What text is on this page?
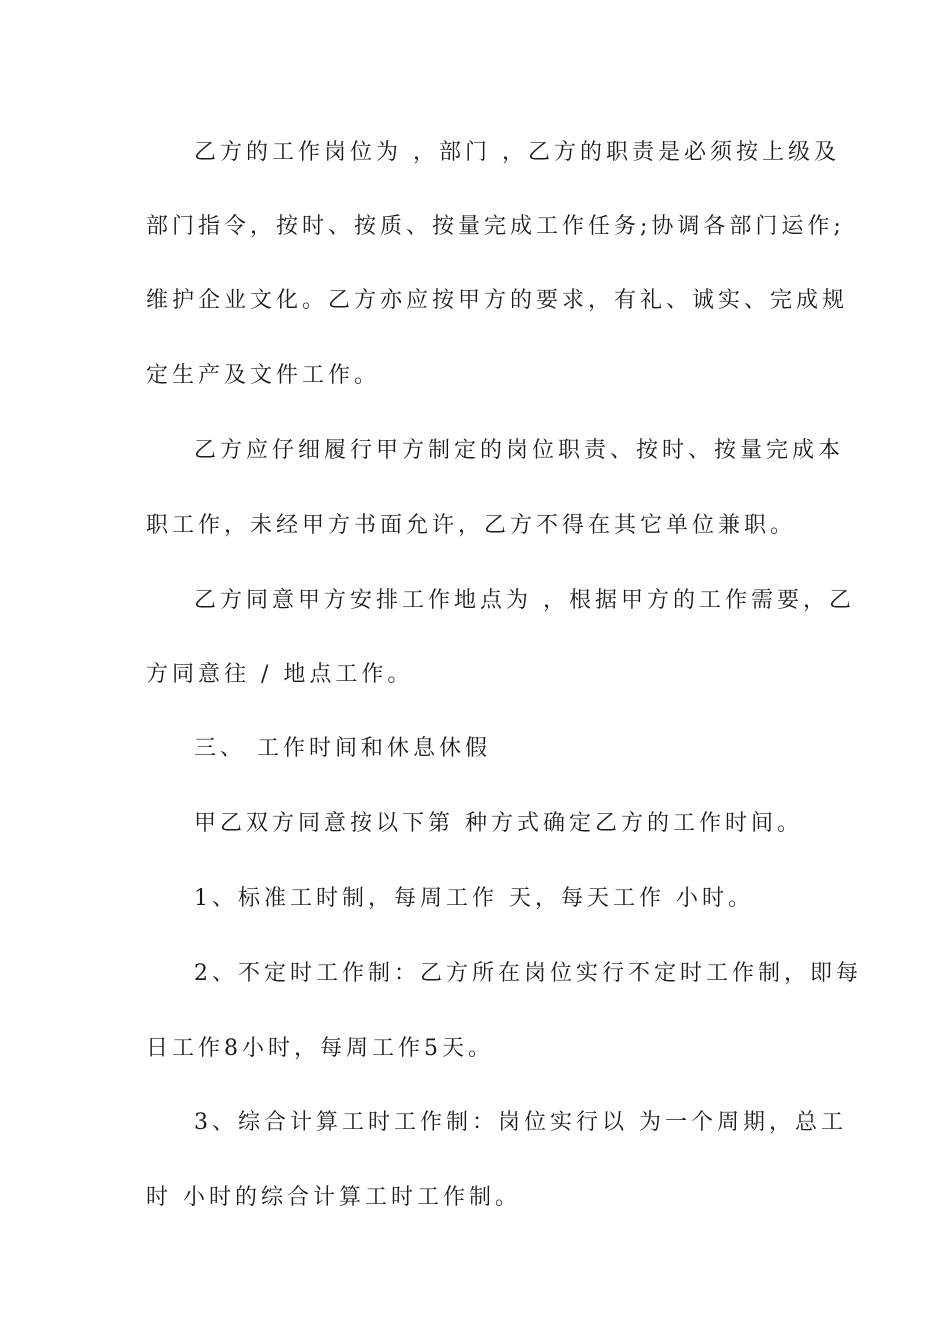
乙方的工作岗位为 ，部门 ，乙方的职责是必须按上级及
部门指令，按时、按质、按量完成工作任务;协调各部门运作;
维护企业文化。乙方亦应按甲方的要求，有礼、诚实、完成规
定生产及文件工作。
乙方应仔细履行甲方制定的岗位职责、按时、按量完成本
职工作，未经甲方书面允许，乙方不得在其它单位兼职。
乙方同意甲方安排工作地点为 ，根据甲方的工作需要，乙
方同意往 / 地点工作。
三、 工作时间和休息休假
甲乙双方同意按以下第 种方式确定乙方的工作时间。
1、标准工时制，每周工作 天，每天工作 小时。
2、不定时工作制：乙方所在岗位实行不定时工作制，即每
日工作8小时，每周工作5天。
3、综合计算工时工作制：岗位实行以 为一个周期，总工
时 小时的综合计算工时工作制。
